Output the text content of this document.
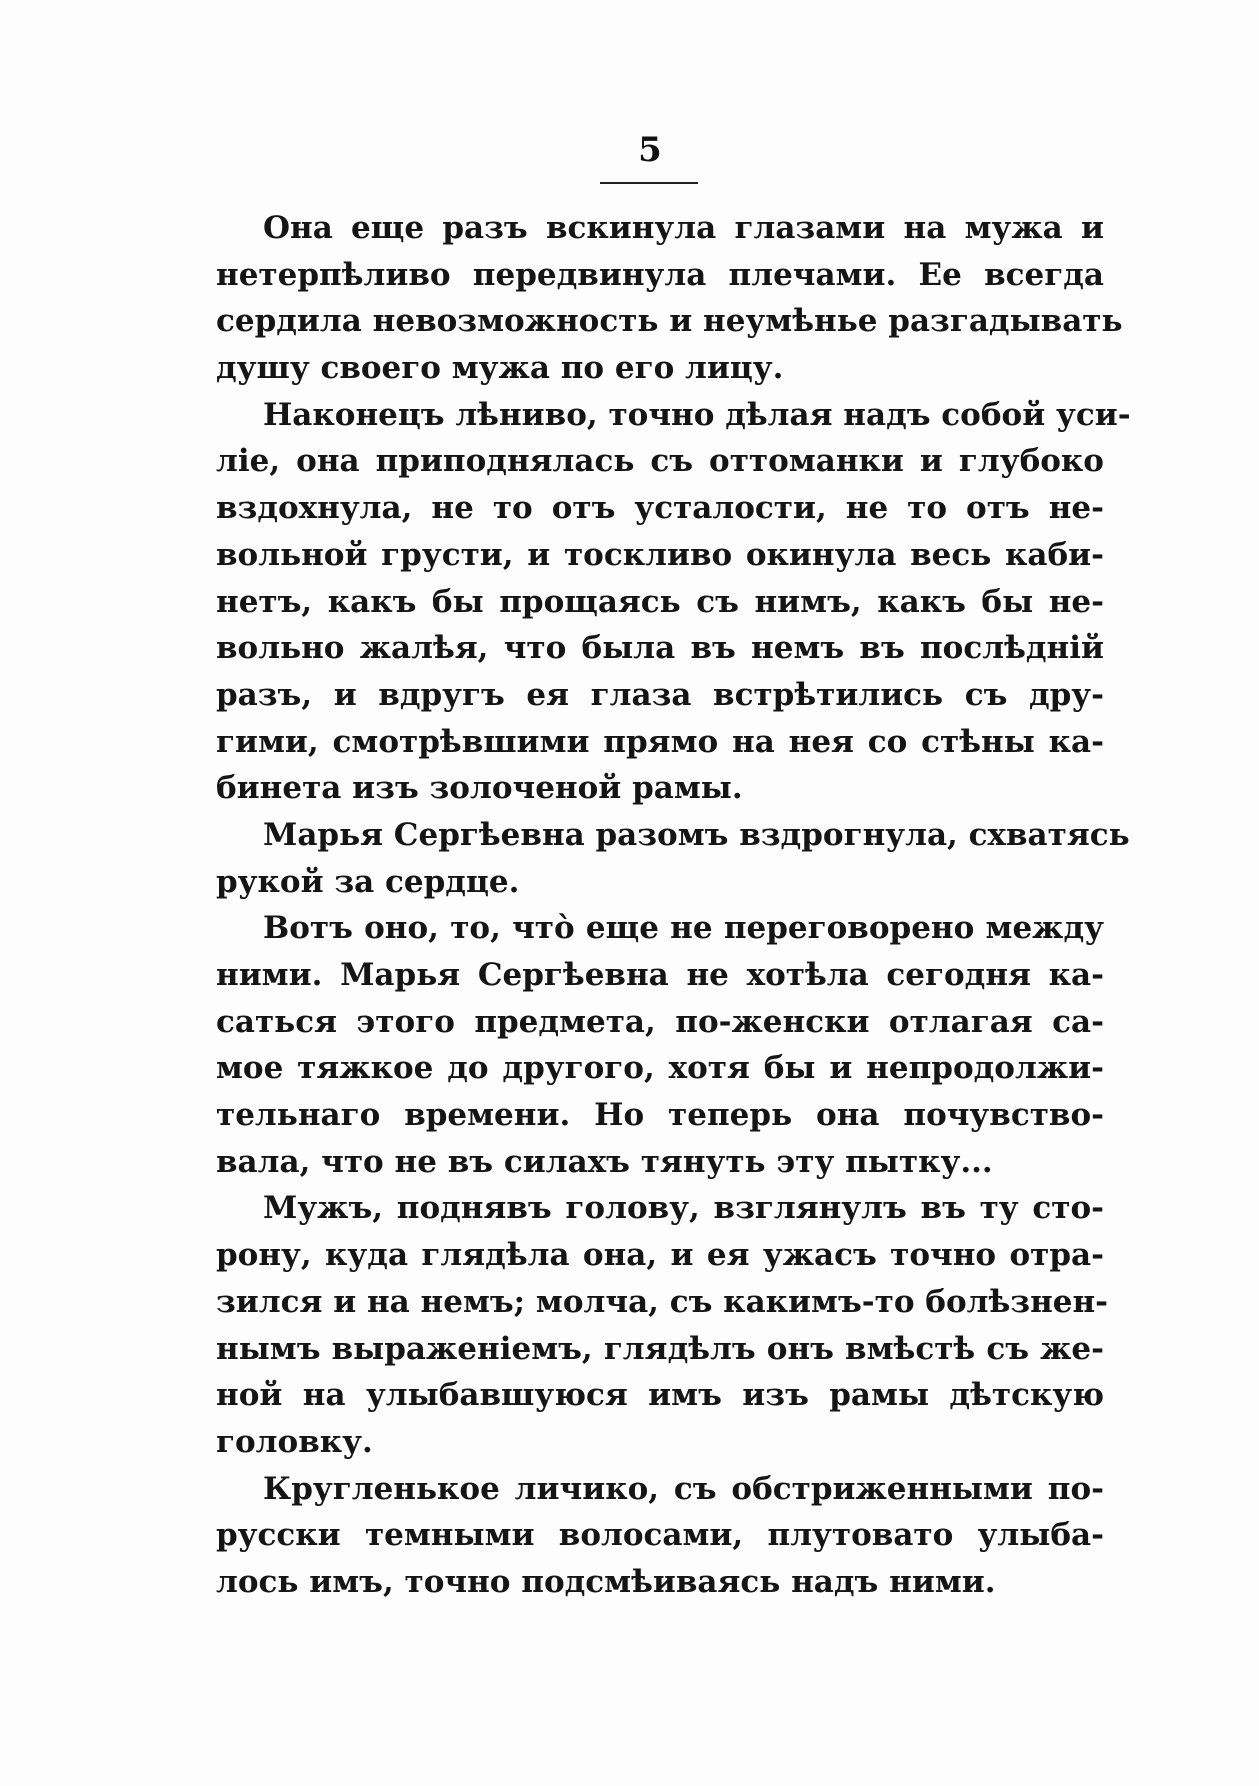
5
Она еще разъ вскинула глазами на мужа и
нетерпѣливо передвинула плечами. Ее всегда
сердила невозможность и неумѣнье разгадывать
душу своего мужа по его лицу.
Наконецъ лѣниво, точно дѣлая надъ собой уси-
ліе, она приподнялась съ оттоманки и глубоко
вздохнула, не то отъ усталости, не то отъ не-
вольной грусти, и тоскливо окинула весь каби-
нетъ, какъ бы прощаясь съ нимъ, какъ бы не-
вольно жалѣя, что была въ немъ въ послѣдній
разъ, и вдругъ ея глаза встрѣтились съ дру-
гими, смотрѣвшими прямо на нея со стѣны ка-
бинета изъ золоченой рамы.
Марья Сергѣевна разомъ вздрогнула, схватясь
рукой за сердце.
Вотъ оно, то, что̀ еще не переговорено между
ними. Марья Сергѣевна не хотѣла сегодня ка-
саться этого предмета, по-женски отлагая са-
мое тяжкое до другого, хотя бы и непродолжи-
тельнаго времени. Но теперь она почувство-
вала, что не въ силахъ тянуть эту пытку...
Мужъ, поднявъ голову, взглянулъ въ ту сто-
рону, куда глядѣла она, и ея ужасъ точно отра-
зился и на немъ; молча, съ какимъ-то болѣзнен-
нымъ выраженіемъ, глядѣлъ онъ вмѣстѣ съ же-
ной на улыбавшуюся имъ изъ рамы дѣтскую
головку.
Кругленькое личико, съ обстриженными по-
русски темными волосами, плутовато улыба-
лось имъ, точно подсмѣиваясь надъ ними.
